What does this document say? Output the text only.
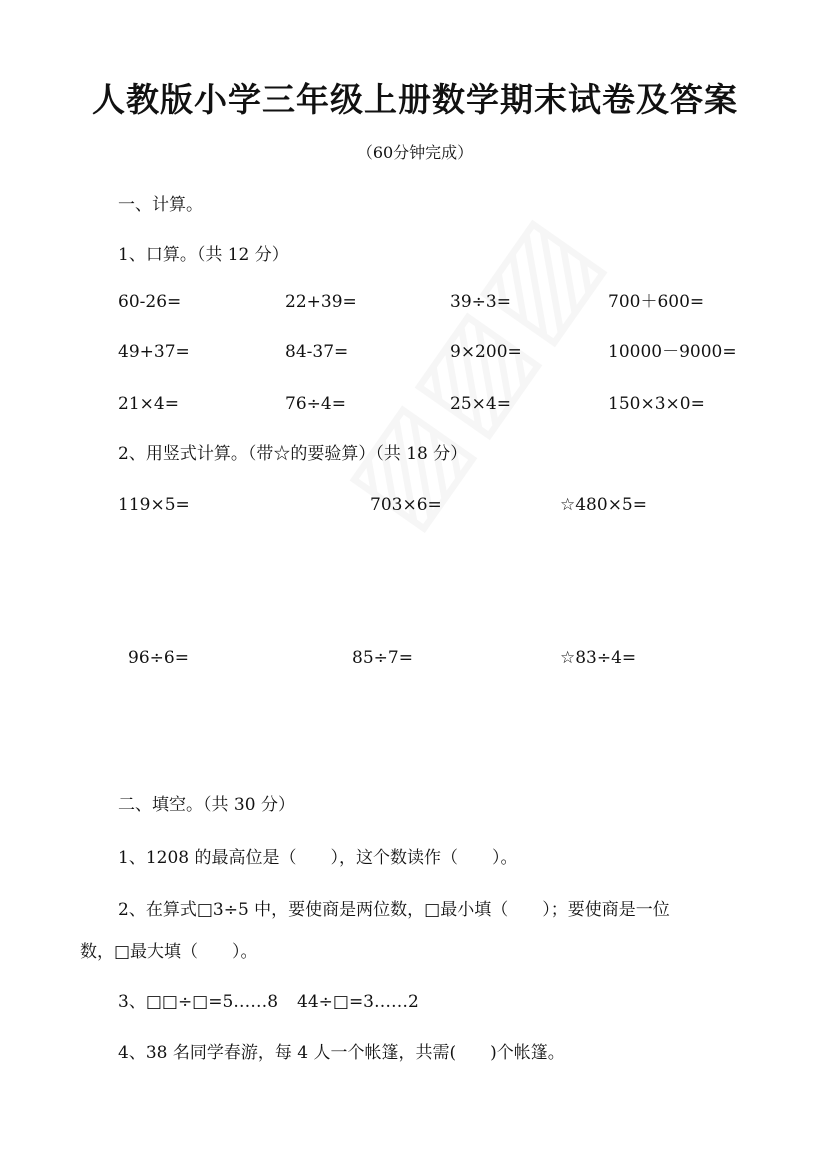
人教版小学三年级上册数学期末试卷及答案
（60分钟完成）
一、计算。
1、口算。（共 12 分）
60-26=	22+39=	39÷3=	700＋600=
49+37=	84-37=	9×200=	10000－9000=
21×4=	76÷4=	25×4=	150×3×0=
2、用竖式计算。（带☆的要验算）（共 18 分）
119×5=	703×6=	☆480×5=
96÷6=	85÷7=	☆83÷4=
二、填空。（共 30 分）
1、1208 的最高位是（　　），这个数读作（　　）。
2、在算式□3÷5 中，要使商是两位数，□最小填（　　）；要使商是一位
数，□最大填（　　）。
3、□□÷□=5……8 44÷□=3……2
4、38 名同学春游，每 4 人一个帐篷，共需(　　)个帐篷。
